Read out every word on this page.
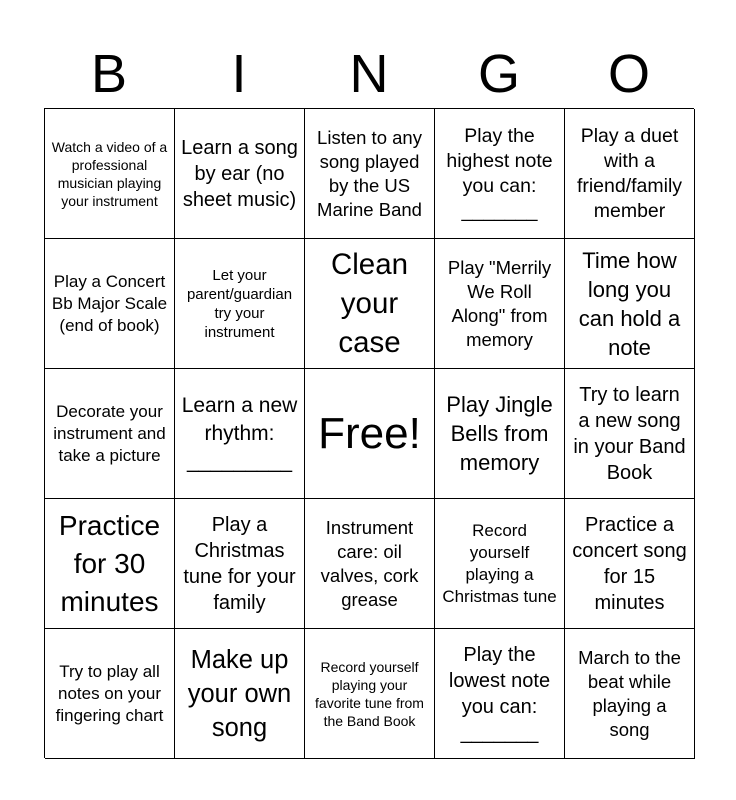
B	I	N	G	O
Watch a video of a professional musician playing your instrument
Learn a song by ear (no sheet music)
Listen to any song played by the US Marine Band
Play the highest note you can: _______
Play a duet with a friend/family member
Play a Concert Bb Major Scale (end of book)
Let your parent/guardian try your instrument
Clean your case
Play "Merrily We Roll Along" from memory
Time how long you can hold a note
Decorate your instrument and take a picture
Learn a new rhythm: _________
Free!
Play Jingle Bells from memory
Try to learn a new song in your Band Book
Practice for 30 minutes
Play a Christmas tune for your family
Instrument care: oil valves, cork grease
Record yourself playing a Christmas tune
Practice a concert song for 15 minutes
Try to play all notes on your fingering chart
Make up your own song
Record yourself playing your favorite tune from the Band Book
Play the lowest note you can: _______
March to the beat while playing a song
